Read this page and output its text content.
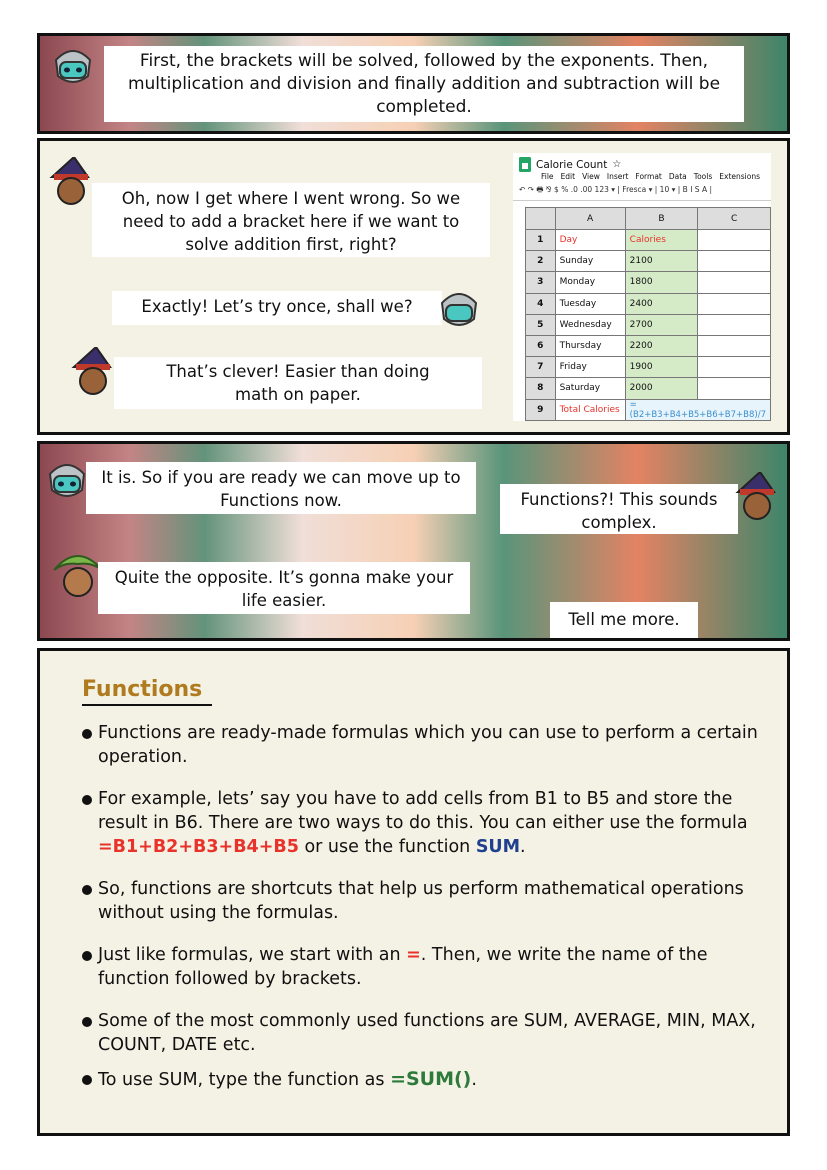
First, the brackets will be solved, followed by the exponents. Then, multiplication and division and finally addition and subtraction will be completed.
Oh, now I get where I went wrong. So we need to add a bracket here if we want to solve addition first, right?
Exactly! Let’s try once, shall we?
That’s clever! Easier than doing math on paper.
Calorie Count ☆
File Edit View Insert Format Data Tools Extensions
↶ ↷ 🖶 ⅋ $ % .0 .00 123 ▾ | Fresca ▾ | 10 ▾ | B I S A |
	A	B	C
1	Day	Calories	
2	Sunday	2100	
3	Monday	1800	
4	Tuesday	2400	
5	Wednesday	2700	
6	Thursday	2200	
7	Friday	1900	
8	Saturday	2000	
9	Total Calories	=(B2+B3+B4+B5+B6+B7+B8)/7	
It is. So if you are ready we can move up to Functions now.	Functions?! This sounds complex.
Quite the opposite. It’s gonna make your life easier.
Tell me more.
Functions

Functions are ready-made formulas which you can use to perform a certain operation.

For example, lets’ say you have to add cells from B1 to B5 and store the result in B6. There are two ways to do this. You can either use the formula =B1+B2+B3+B4+B5 or use the function SUM.

So, functions are shortcuts that help us perform mathematical operations without using the formulas.

Just like formulas, we start with an =. Then, we write the name of the function followed by brackets.

Some of the most commonly used functions are SUM, AVERAGE, MIN, MAX, COUNT, DATE etc.

To use SUM, type the function as =SUM().
